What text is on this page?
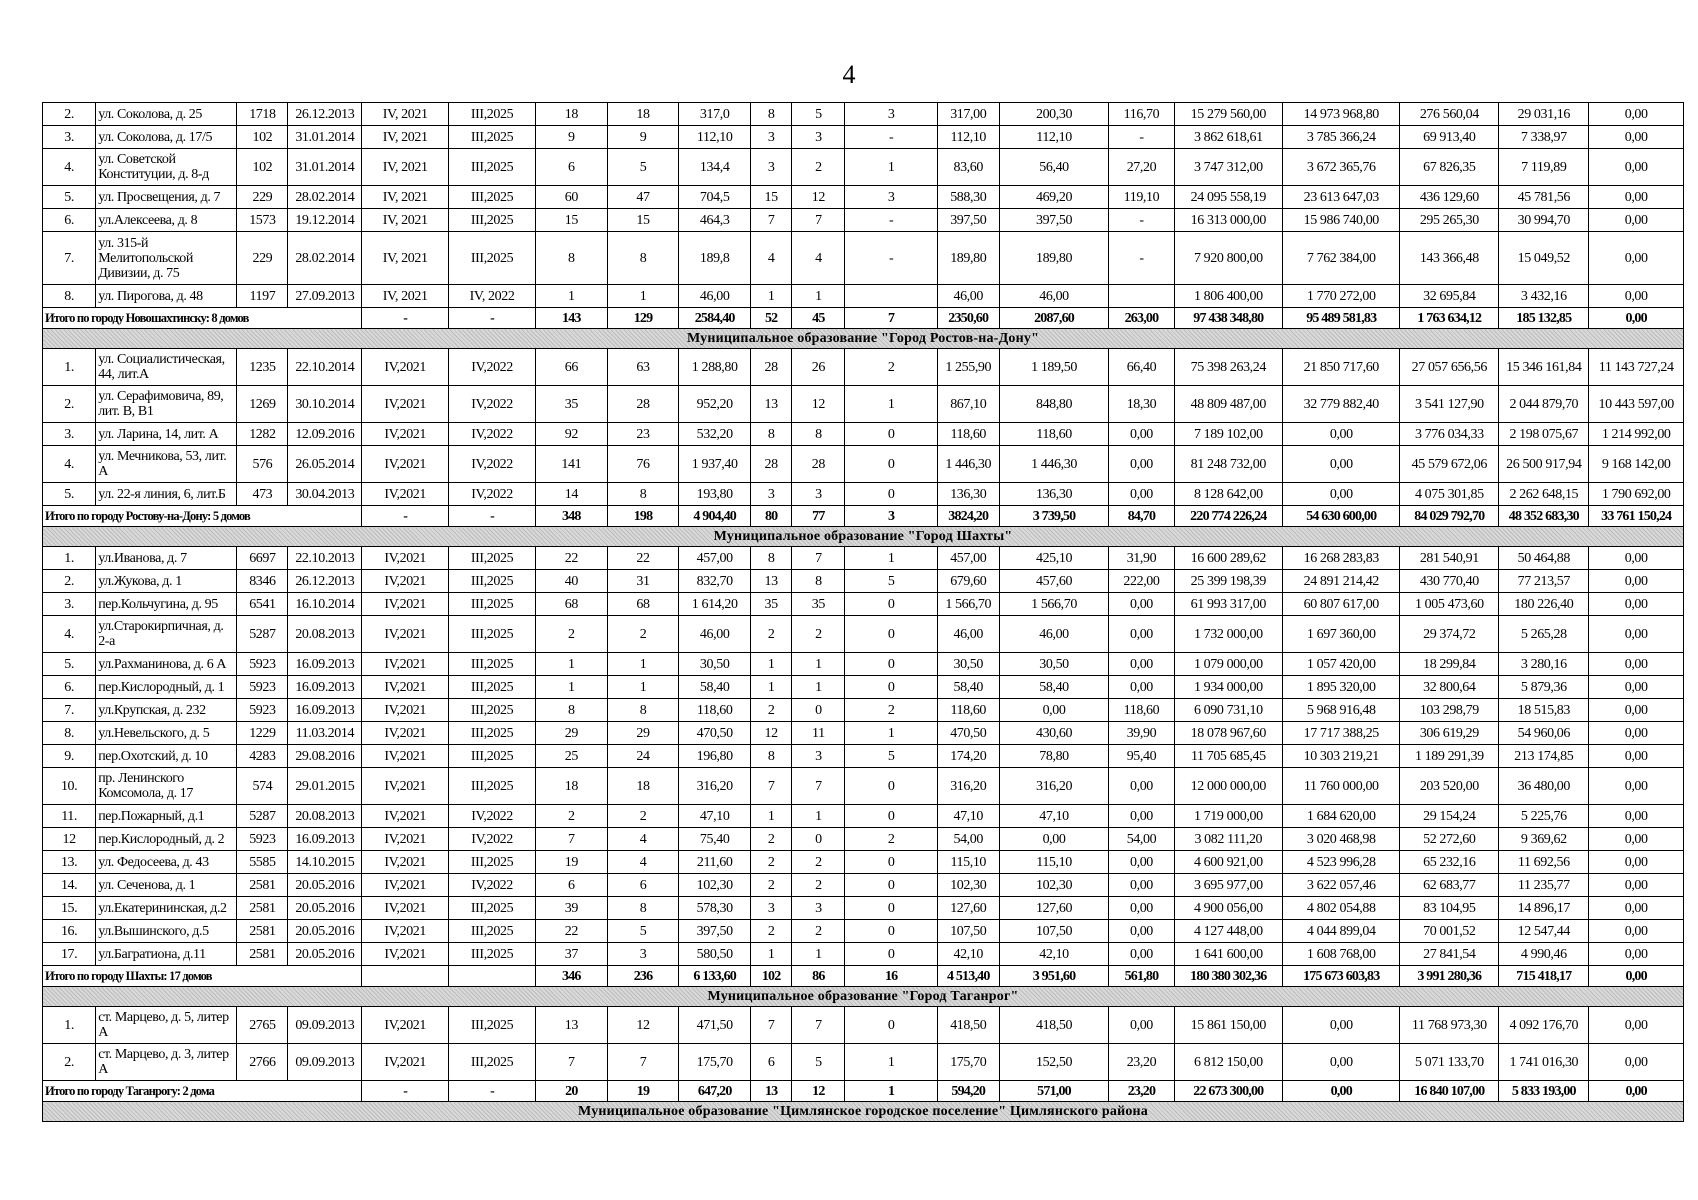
4
2.	ул. Соколова, д. 25	1718	26.12.2013	IV, 2021	III,2025	18	18	317,0	8	5	3	317,00	200,30	116,70	15 279 560,00	14 973 968,80	276 560,04	29 031,16	0,00
3.	ул. Соколова, д. 17/5	102	31.01.2014	IV, 2021	III,2025	9	9	112,10	3	3	-	112,10	112,10	-	3 862 618,61	3 785 366,24	69 913,40	7 338,97	0,00
4.	ул. Советской Конституции, д. 8-д	102	31.01.2014	IV, 2021	III,2025	6	5	134,4	3	2	1	83,60	56,40	27,20	3 747 312,00	3 672 365,76	67 826,35	7 119,89	0,00
5.	ул. Просвещения, д. 7	229	28.02.2014	IV, 2021	III,2025	60	47	704,5	15	12	3	588,30	469,20	119,10	24 095 558,19	23 613 647,03	436 129,60	45 781,56	0,00
6.	ул.Алексеева, д. 8	1573	19.12.2014	IV, 2021	III,2025	15	15	464,3	7	7	-	397,50	397,50	-	16 313 000,00	15 986 740,00	295 265,30	30 994,70	0,00
7.	ул. 315-й Мелитопольской Дивизии, д. 75	229	28.02.2014	IV, 2021	III,2025	8	8	189,8	4	4	-	189,80	189,80	-	7 920 800,00	7 762 384,00	143 366,48	15 049,52	0,00
8.	ул. Пирогова, д. 48	1197	27.09.2013	IV, 2021	IV, 2022	1	1	46,00	1	1		46,00	46,00		1 806 400,00	1 770 272,00	32 695,84	3 432,16	0,00
Итого по городу Новошахтинску: 8 домов				-	-	143	129	2584,40	52	45	7	2350,60	2087,60	263,00	97 438 348,80	95 489 581,83	1 763 634,12	185 132,85	0,00
Муниципальное образование "Город Ростов-на-Дону"																			
1.	ул. Социалистическая, 44, лит.А	1235	22.10.2014	IV,2021	IV,2022	66	63	1 288,80	28	26	2	1 255,90	1 189,50	66,40	75 398 263,24	21 850 717,60	27 057 656,56	15 346 161,84	11 143 727,24
2.	ул. Серафимовича, 89, лит. В, В1	1269	30.10.2014	IV,2021	IV,2022	35	28	952,20	13	12	1	867,10	848,80	18,30	48 809 487,00	32 779 882,40	3 541 127,90	2 044 879,70	10 443 597,00
3.	ул. Ларина, 14, лит. А	1282	12.09.2016	IV,2021	IV,2022	92	23	532,20	8	8	0	118,60	118,60	0,00	7 189 102,00	0,00	3 776 034,33	2 198 075,67	1 214 992,00
4.	ул. Мечникова, 53, лит. А	576	26.05.2014	IV,2021	IV,2022	141	76	1 937,40	28	28	0	1 446,30	1 446,30	0,00	81 248 732,00	0,00	45 579 672,06	26 500 917,94	9 168 142,00
5.	ул. 22-я линия, 6, лит.Б	473	30.04.2013	IV,2021	IV,2022	14	8	193,80	3	3	0	136,30	136,30	0,00	8 128 642,00	0,00	4 075 301,85	2 262 648,15	1 790 692,00
Итого по городу Ростову-на-Дону: 5 домов				-	-	348	198	4 904,40	80	77	3	3824,20	3 739,50	84,70	220 774 226,24	54 630 600,00	84 029 792,70	48 352 683,30	33 761 150,24
Муниципальное образование "Город Шахты"																			
1.	ул.Иванова, д. 7	6697	22.10.2013	IV,2021	III,2025	22	22	457,00	8	7	1	457,00	425,10	31,90	16 600 289,62	16 268 283,83	281 540,91	50 464,88	0,00
2.	ул.Жукова, д. 1	8346	26.12.2013	IV,2021	III,2025	40	31	832,70	13	8	5	679,60	457,60	222,00	25 399 198,39	24 891 214,42	430 770,40	77 213,57	0,00
3.	пер.Кольчугина, д. 95	6541	16.10.2014	IV,2021	III,2025	68	68	1 614,20	35	35	0	1 566,70	1 566,70	0,00	61 993 317,00	60 807 617,00	1 005 473,60	180 226,40	0,00
4.	ул.Старокирпичная, д. 2-а	5287	20.08.2013	IV,2021	III,2025	2	2	46,00	2	2	0	46,00	46,00	0,00	1 732 000,00	1 697 360,00	29 374,72	5 265,28	0,00
5.	ул.Рахманинова, д. 6 А	5923	16.09.2013	IV,2021	III,2025	1	1	30,50	1	1	0	30,50	30,50	0,00	1 079 000,00	1 057 420,00	18 299,84	3 280,16	0,00
6.	пер.Кислородный, д. 1	5923	16.09.2013	IV,2021	III,2025	1	1	58,40	1	1	0	58,40	58,40	0,00	1 934 000,00	1 895 320,00	32 800,64	5 879,36	0,00
7.	ул.Крупская, д. 232	5923	16.09.2013	IV,2021	III,2025	8	8	118,60	2	0	2	118,60	0,00	118,60	6 090 731,10	5 968 916,48	103 298,79	18 515,83	0,00
8.	ул.Невельского, д. 5	1229	11.03.2014	IV,2021	III,2025	29	29	470,50	12	11	1	470,50	430,60	39,90	18 078 967,60	17 717 388,25	306 619,29	54 960,06	0,00
9.	пер.Охотский, д. 10	4283	29.08.2016	IV,2021	III,2025	25	24	196,80	8	3	5	174,20	78,80	95,40	11 705 685,45	10 303 219,21	1 189 291,39	213 174,85	0,00
10.	пр. Ленинского Комсомола, д. 17	574	29.01.2015	IV,2021	III,2025	18	18	316,20	7	7	0	316,20	316,20	0,00	12 000 000,00	11 760 000,00	203 520,00	36 480,00	0,00
11.	пер.Пожарный, д.1	5287	20.08.2013	IV,2021	IV,2022	2	2	47,10	1	1	0	47,10	47,10	0,00	1 719 000,00	1 684 620,00	29 154,24	5 225,76	0,00
12	пер.Кислородный, д. 2	5923	16.09.2013	IV,2021	IV,2022	7	4	75,40	2	0	2	54,00	0,00	54,00	3 082 111,20	3 020 468,98	52 272,60	9 369,62	0,00
13.	ул. Федосеева, д. 43	5585	14.10.2015	IV,2021	III,2025	19	4	211,60	2	2	0	115,10	115,10	0,00	4 600 921,00	4 523 996,28	65 232,16	11 692,56	0,00
14.	ул. Сеченова, д. 1	2581	20.05.2016	IV,2021	IV,2022	6	6	102,30	2	2	0	102,30	102,30	0,00	3 695 977,00	3 622 057,46	62 683,77	11 235,77	0,00
15.	ул.Екатерининская, д.2	2581	20.05.2016	IV,2021	III,2025	39	8	578,30	3	3	0	127,60	127,60	0,00	4 900 056,00	4 802 054,88	83 104,95	14 896,17	0,00
16.	ул.Вышинского, д.5	2581	20.05.2016	IV,2021	III,2025	22	5	397,50	2	2	0	107,50	107,50	0,00	4 127 448,00	4 044 899,04	70 001,52	12 547,44	0,00
17.	ул.Багратиона, д.11	2581	20.05.2016	IV,2021	III,2025	37	3	580,50	1	1	0	42,10	42,10	0,00	1 641 600,00	1 608 768,00	27 841,54	4 990,46	0,00
Итого по городу Шахты: 17 домов						346	236	6 133,60	102	86	16	4 513,40	3 951,60	561,80	180 380 302,36	175 673 603,83	3 991 280,36	715 418,17	0,00
Муниципальное образование "Город Таганрог"																			
1.	ст. Марцево, д. 5, литер А	2765	09.09.2013	IV,2021	III,2025	13	12	471,50	7	7	0	418,50	418,50	0,00	15 861 150,00	0,00	11 768 973,30	4 092 176,70	0,00
2.	ст. Марцево, д. 3, литер А	2766	09.09.2013	IV,2021	III,2025	7	7	175,70	6	5	1	175,70	152,50	23,20	6 812 150,00	0,00	5 071 133,70	1 741 016,30	0,00
Итого по городу Таганрогу: 2 дома				-	-	20	19	647,20	13	12	1	594,20	571,00	23,20	22 673 300,00	0,00	16 840 107,00	5 833 193,00	0,00
Муниципальное образование "Цимлянское городское поселение" Цимлянского района																			
